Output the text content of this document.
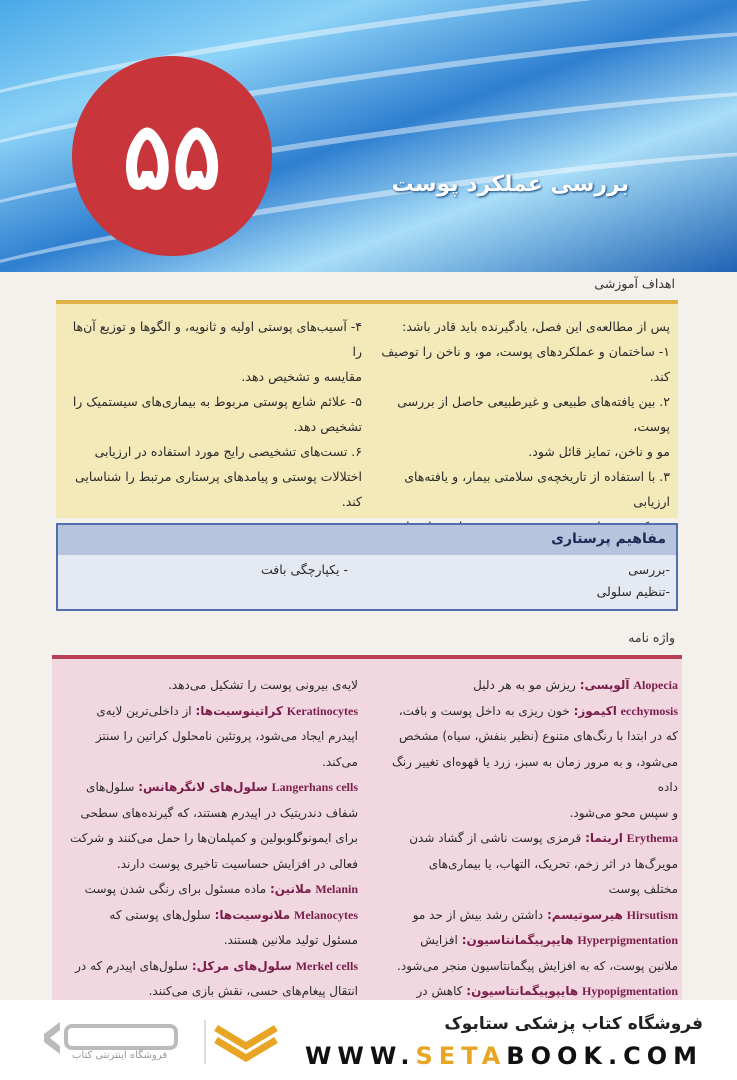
۵۵	بررسی عملکرد پوست
اهداف آموزشی
پس از مطالعه‌ی این فصل، یادگیرنده باید قادر باشد:
۱- ساختمان و عملکردهای پوست، مو، و ناخن را توصیف
کند.
۲. بین یافته‌های طبیعی و غیرطبیعی حاصل از بررسی پوست،
مو و ناخن، تمایز قائل شود.
۳. با استفاده از تاریخچه‌ی سلامتی بیمار، و یافته‌های ارزیابی
۴- آسیب‌های پوستی اولیه و ثانویه، و الگوها و توزیع آن‌ها را
مقایسه و تشخیص دهد.
۵- علائم شایع پوستی مربوط به بیماری‌های سیستمیک را
تشخیص دهد.
۶. تست‌های تشخیصی رایج مورد استفاده در ارزیابی
اختلالات پوستی و پیامدهای پرستاری مرتبط را شناسایی
کند.
مفاهیم پرستاری
-بررسی
-تنظیم سلولی
- یکپارچگی بافت
واژه نامه
Alopecia آلوپسی: ریزش مو به هر دلیل
ecchymosis اکیموز: خون ریزی به داخل پوست و بافت،
که در ابتدا با رنگ‌های متنوع (نظیر بنفش، سیاه) مشخص
می‌شود، و به مرور زمان به سبز، زرد یا قهوه‌ای تغییر رنگ داده
و سپس محو می‌شود.
Erythema اریتما: قرمزی پوست ناشی از گشاد شدن
مویرگ‌ها در اثر زخم، تحریک، التهاب، یا بیماری‌های
مختلف پوست
Hirsutism هیرسوتیسم: داشتن رشد بیش از حد مو
Hyperpigmentation هایپرپیگمانتاسیون: افزایش
ملانین پوست، که به افزایش پیگمانتاسیون منجر می‌شود.
Hypopigmentation هایپوپیگمانتاسیون: کاهش در
لایه‌ی بیرونی پوست را تشکیل می‌دهد.
Keratinocytes کراتینوسیت‌ها: از داخلی‌ترین لایه‌ی
اپیدرم ایجاد می‌شود، پروتئین نامحلول کراتین را سنتز
می‌کند.
Langerhans cells سلول‌های لانگرهانس: سلول‌های
شفاف دندریتیک در اپیدرم هستند، که گیرنده‌های سطحی
برای ایمونوگلوبولین و کمپلمان‌ها را حمل می‌کنند و شرکت
فعالی در افزایش حساسیت تاخیری پوست دارند.
Melanin ملانین: ماده مسئول برای رنگی شدن پوست
Melanocytes ملانوسیت‌ها: سلول‌های پوستی که
مسئول تولید ملانین هستند.
Merkel cells سلول‌های مرکل: سلول‌های اپیدرم که در
انتقال پیغام‌های حسی، نقش بازی می‌کنند.
فروشگاه اینترنتی کتاب
فروشگاه کتاب پزشکی ستابوک
WWW.SETABOOK.COM
